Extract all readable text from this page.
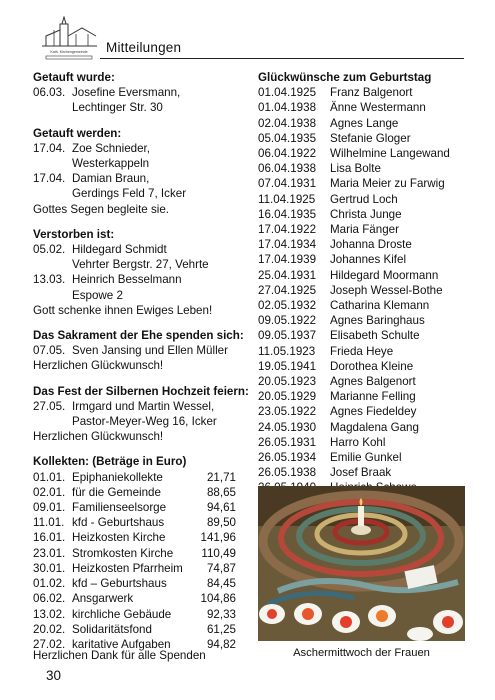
Kath. Kirchengemeinde Mitteilungen
Getauft wurde:
06.03. Josefine Eversmann,
Lechtinger Str. 30
Getauft werden:
17.04. Zoe Schnieder,
Westerkappeln
17.04. Damian Braun,
Gerdings Feld 7, Icker
Gottes Segen begleite sie.
Verstorben ist:
05.02. Hildegard Schmidt
Vehrter Bergstr. 27, Vehrte
13.03. Heinrich Besselmann
Espowe 2
Gott schenke ihnen Ewiges Leben!
Das Sakrament der Ehe spenden sich:
07.05. Sven Jansing und Ellen Müller
Herzlichen Glückwunsch!
Das Fest der Silbernen Hochzeit feiern:
27.05. Irmgard und Martin Wessel,
Pastor-Meyer-Weg 16, Icker
Herzlichen Glückwunsch!
Kollekten: (Beträge in Euro)
01.01. Epiphaniekollekte	21,71
02.01. für die Gemeinde	88,65
09.01. Familienseelsorge	94,61
11.01. kfd - Geburtshaus	89,50
16.01. Heizkosten Kirche	141,96
23.01. Stromkosten Kirche	110,49
30.01. Heizkosten Pfarrheim	74,87
01.02. kfd – Geburtshaus	84,45
06.02. Ansgarwerk	104,86
13.02. kirchliche Gebäude	92,33
20.02. Solidaritätsfond	61,25
27.02. karitative Aufgaben	94,82
Herzlichen Dank für alle Spenden
Glückwünsche zum Geburtstag
01.04.1925	Franz Balgenort
01.04.1938	Änne Westermann
02.04.1938	Agnes Lange
05.04.1935	Stefanie Gloger
06.04.1922	Wilhelmine Langewand
06.04.1938	Lisa Bolte
07.04.1931	Maria Meier zu Farwig
11.04.1925	Gertrud Loch
16.04.1935	Christa Junge
17.04.1922	Maria Fänger
17.04.1934	Johanna Droste
17.04.1939	Johannes Kifel
25.04.1931	Hildegard Moormann
27.04.1925	Joseph Wessel-Bothe
02.05.1932	Catharina Klemann
09.05.1922	Agnes Baringhaus
09.05.1937	Elisabeth Schulte
11.05.1923	Frieda Heye
19.05.1941	Dorothea Kleine
20.05.1923	Agnes Balgenort
20.05.1929	Marianne Felling
23.05.1922	Agnes Fiedeldey
24.05.1930	Magdalena Gang
26.05.1931	Harro Kohl
26.05.1934	Emilie Gunkel
26.05.1938	Josef Braak
Aschermittwoch der Frauen
30
